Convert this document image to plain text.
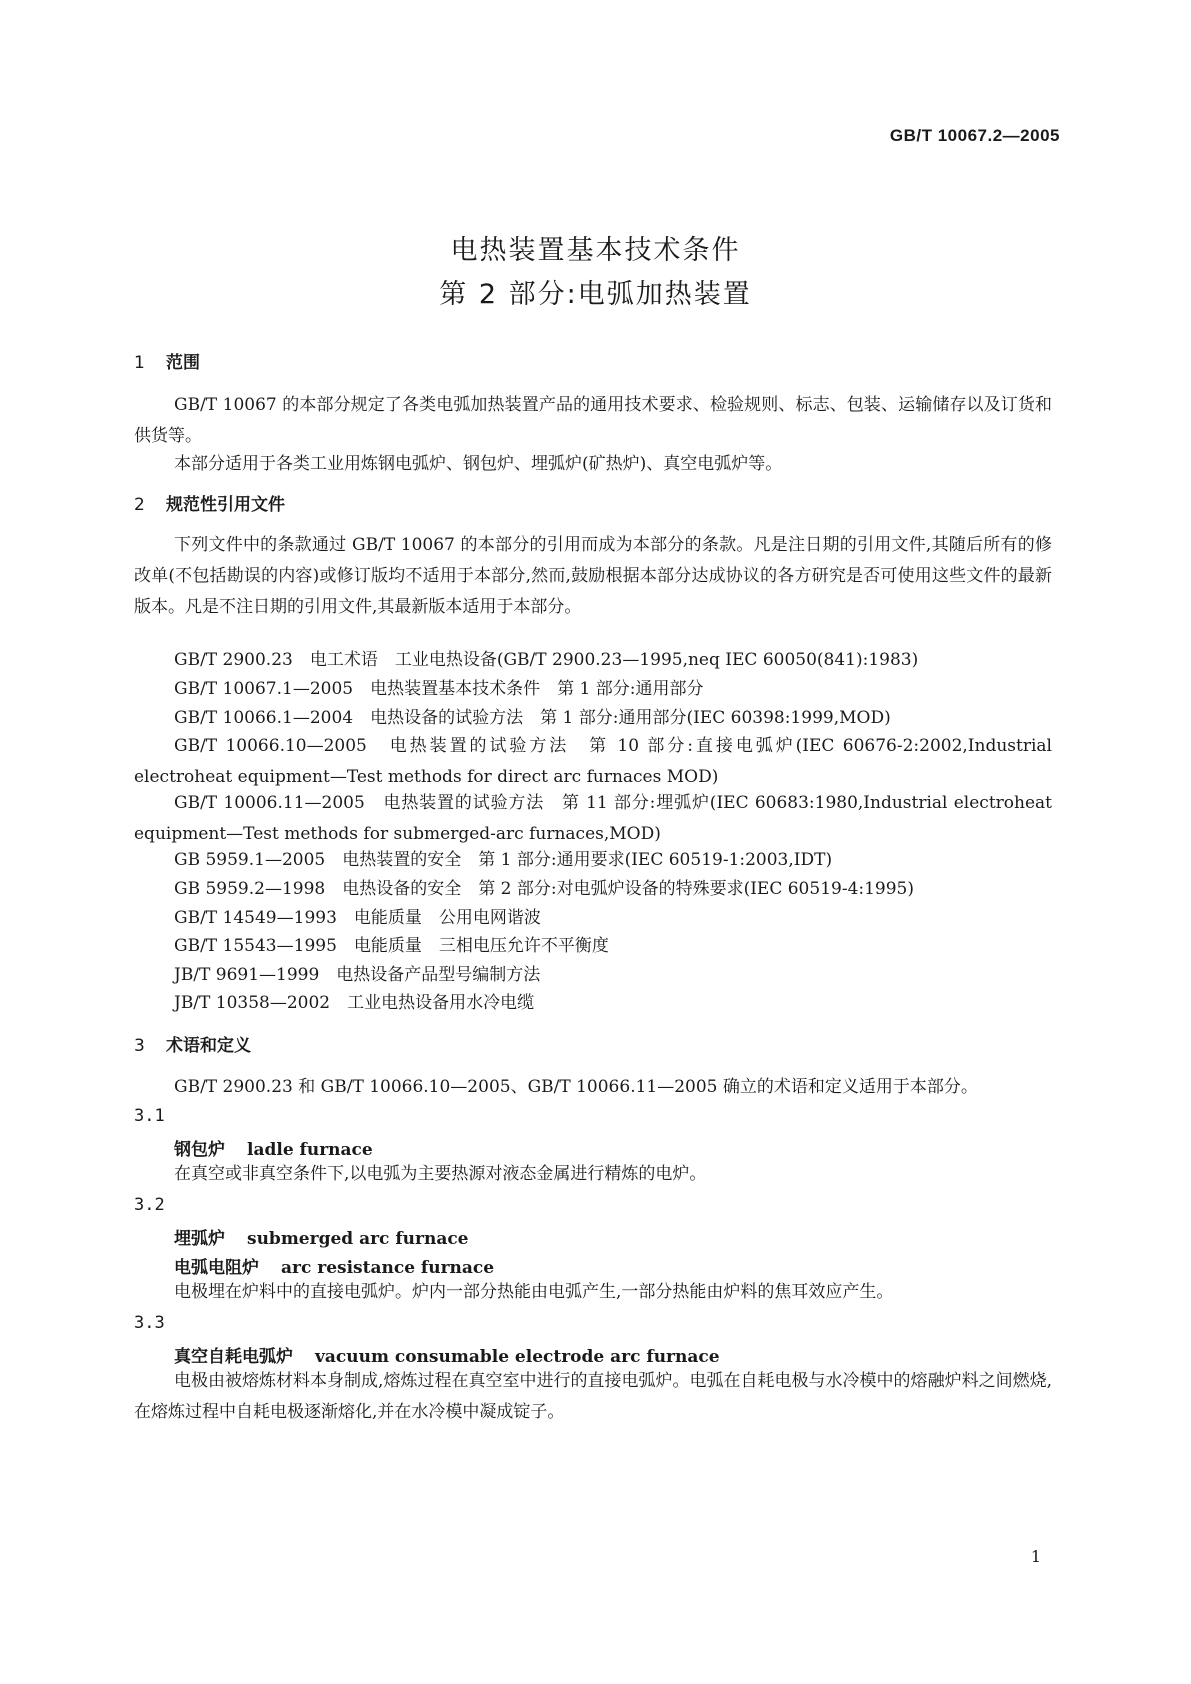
GB/T 10067.2—2005
电热装置基本技术条件
第 2 部分:电弧加热装置
1 范围
GB/T 10067 的本部分规定了各类电弧加热装置产品的通用技术要求、检验规则、标志、包装、运输储存以及订货和供货等。
本部分适用于各类工业用炼钢电弧炉、钢包炉、埋弧炉(矿热炉)、真空电弧炉等。
2 规范性引用文件
下列文件中的条款通过 GB/T 10067 的本部分的引用而成为本部分的条款。凡是注日期的引用文件,其随后所有的修改单(不包括勘误的内容)或修订版均不适用于本部分,然而,鼓励根据本部分达成协议的各方研究是否可使用这些文件的最新版本。凡是不注日期的引用文件,其最新版本适用于本部分。
GB/T 2900.23　电工术语　工业电热设备(GB/T 2900.23—1995,neq IEC 60050(841):1983)
GB/T 10067.1—2005　电热装置基本技术条件　第 1 部分:通用部分
GB/T 10066.1—2004　电热设备的试验方法　第 1 部分:通用部分(IEC 60398:1999,MOD)
GB/T 10066.10—2005　电热装置的试验方法　第 10 部分:直接电弧炉(IEC 60676-2:2002,Industrial electroheat equipment—Test methods for direct arc furnaces MOD)
GB/T 10006.11—2005　电热装置的试验方法　第 11 部分:埋弧炉(IEC 60683:1980,Industrial electroheat equipment—Test methods for submerged-arc furnaces,MOD)
GB 5959.1—2005　电热装置的安全　第 1 部分:通用要求(IEC 60519-1:2003,IDT)
GB 5959.2—1998　电热设备的安全　第 2 部分:对电弧炉设备的特殊要求(IEC 60519-4:1995)
GB/T 14549—1993　电能质量　公用电网谐波
GB/T 15543—1995　电能质量　三相电压允许不平衡度
JB/T 9691—1999　电热设备产品型号编制方法
JB/T 10358—2002　工业电热设备用水冷电缆
3 术语和定义
GB/T 2900.23 和 GB/T 10066.10—2005、GB/T 10066.11—2005 确立的术语和定义适用于本部分。
3.1
钢包炉 ladle furnace
在真空或非真空条件下,以电弧为主要热源对液态金属进行精炼的电炉。
3.2
埋弧炉 submerged arc furnace
电弧电阻炉 arc resistance furnace
电极埋在炉料中的直接电弧炉。炉内一部分热能由电弧产生,一部分热能由炉料的焦耳效应产生。
3.3
真空自耗电弧炉 vacuum consumable electrode arc furnace
电极由被熔炼材料本身制成,熔炼过程在真空室中进行的直接电弧炉。电弧在自耗电极与水冷模中的熔融炉料之间燃烧,在熔炼过程中自耗电极逐渐熔化,并在水冷模中凝成锭子。
1
